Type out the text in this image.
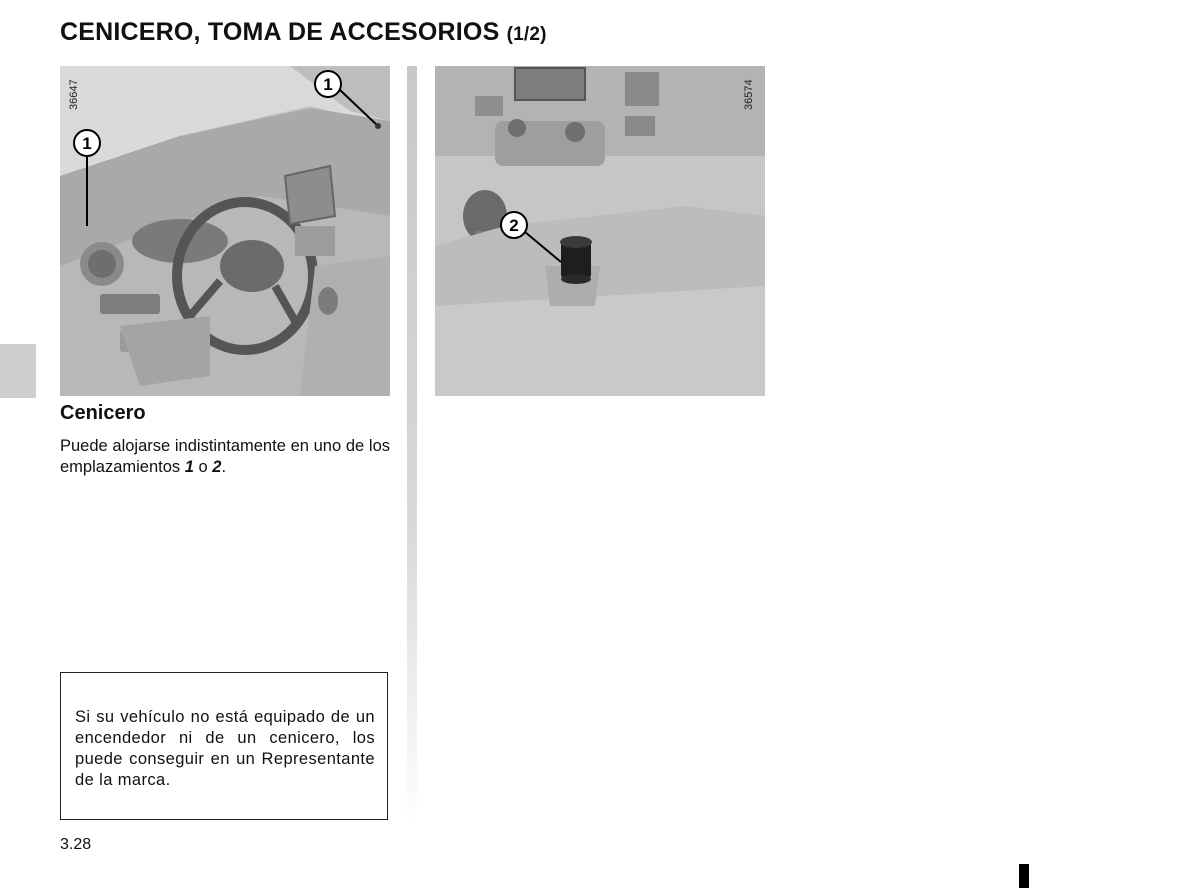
CENICERO, TOMA DE ACCESORIOS (1/2)
1
1
36647
2
36574
Cenicero
Puede alojarse indistintamente en uno de los emplazamientos 1 o 2.
Si su vehículo no está equipado de un encendedor ni de un cenicero, los puede conseguir en un Representante de la marca.
3.28
